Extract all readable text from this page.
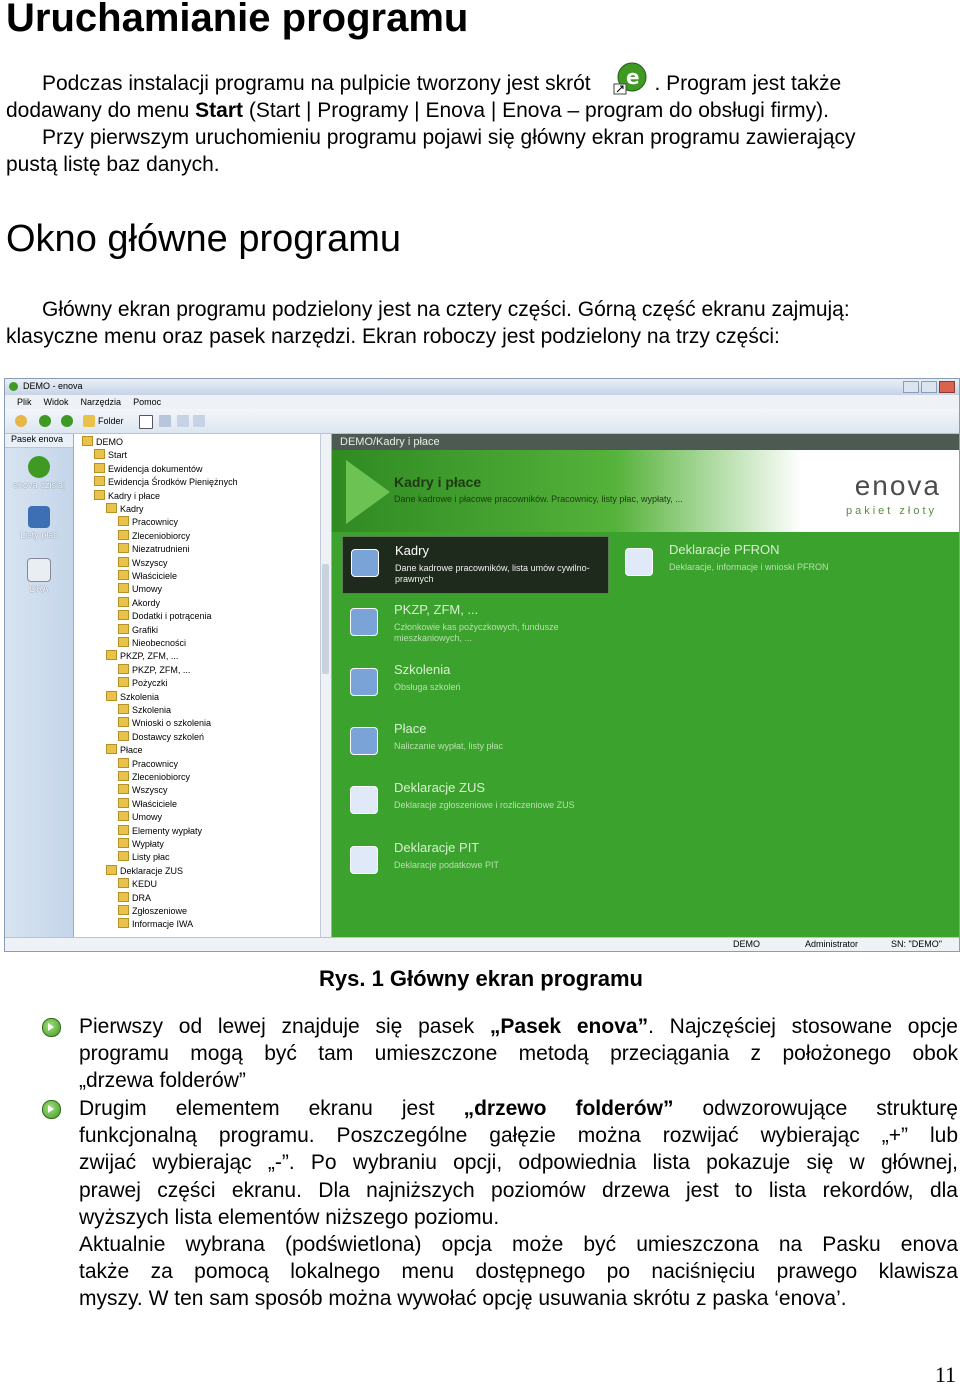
Uruchamianie programu
Podczas instalacji programu na pulpicie tworzony jest skrót e . Program jest także
dodawany do menu Start (Start | Programy | Enova | Enova – program do obsługi firmy).
Przy pierwszym uruchomieniu programu pojawi się główny ekran programu zawierający
pustą listę baz danych.
Okno główne programu
Główny ekran programu podzielony jest na cztery części. Górną część ekranu zajmują:
klasyczne menu oraz pasek narzędzi. Ekran roboczy jest podzielony na trzy części:
DEMO - enova
Plik Widok Narzędzia Pomoc
Folder
Pasek enova
enova dzisiaj
Listy płac
DRA
DEMO
Start
Ewidencja dokumentów
Ewidencja Środków Pieniężnych
Kadry i płace
Kadry
Pracownicy
Zleceniobiorcy
Niezatrudnieni
Wszyscy
Właściciele
Umowy
Akordy
Dodatki i potrącenia
Grafiki
Nieobecności
PKZP, ZFM, ...
PKZP, ZFM, ...
Pożyczki
Szkolenia
Szkolenia
Wnioski o szkolenia
Dostawcy szkoleń
Płace
Pracownicy
Zleceniobiorcy
Wszyscy
Właściciele
Umowy
Elementy wypłaty
Wypłaty
Listy płac
Deklaracje ZUS
KEDU
DRA
Zgłoszeniowe
Informacje IWA
DEMO/Kadry i płace
Kadry i płace
Dane kadrowe i płacowe pracowników. Pracownicy, listy płac, wypłaty, ...	enova
pakiet złoty
Kadry
Dane kadrowe pracowników, lista umów cywilno-prawnych
Deklaracje PFRON
Deklaracje, informacje i wnioski PFRON
PKZP, ZFM, ...
Członkowie kas pożyczkowych, fundusze mieszkaniowych, ...
Szkolenia
Obsługa szkoleń
Płace
Naliczanie wypłat, listy płac
Deklaracje ZUS
Deklaracje zgłoszeniowe i rozliczeniowe ZUS
Deklaracje PIT
Deklaracje podatkowe PIT
DEMO	Administrator	SN: "DEMO"
Rys. 1 Główny ekran programu
Pierwszy od lewej znajduje się pasek „Pasek enova”. Najczęściej stosowane opcje
programu mogą być tam umieszczone metodą przeciągania z położonego obok
„drzewa folderów”
Drugim elementem ekranu jest „drzewo folderów” odwzorowujące strukturę
funkcjonalną programu. Poszczególne gałęzie można rozwijać wybierając „+” lub
zwijać wybierając „-”. Po wybraniu opcji, odpowiednia lista pokazuje się w głównej,
prawej części ekranu. Dla najniższych poziomów drzewa jest to lista rekordów, dla
wyższych lista elementów niższego poziomu.
Aktualnie wybrana (podświetlona) opcja może być umieszczona na Pasku enova
także za pomocą lokalnego menu dostępnego po naciśnięciu prawego klawisza
myszy. W ten sam sposób można wywołać opcję usuwania skrótu z paska ‘enova’.
11
